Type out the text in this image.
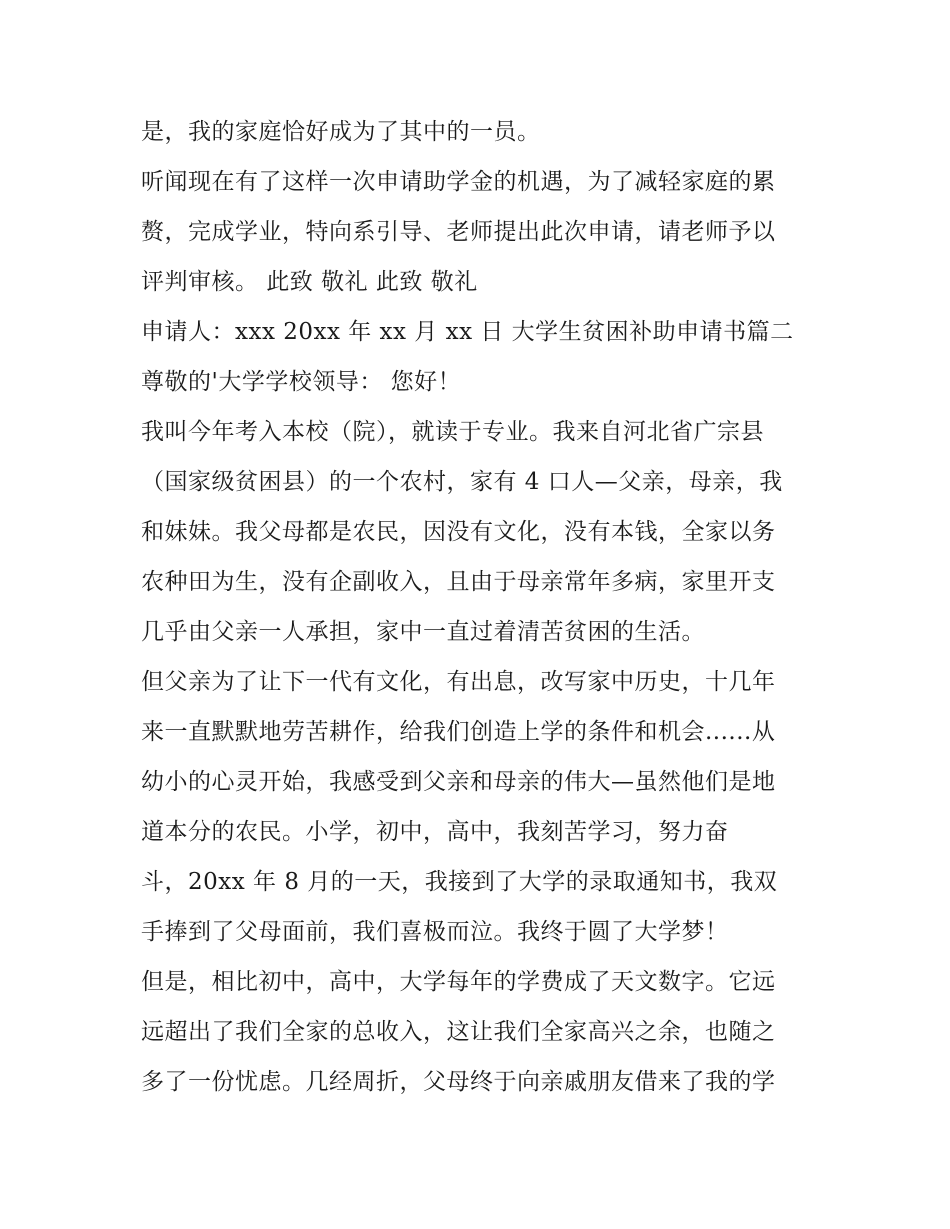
是，我的家庭恰好成为了其中的一员。
听闻现在有了这样一次申请助学金的机遇，为了减轻家庭的累
赘，完成学业，特向系引导、老师提出此次申请，请老师予以
评判审核。 此致 敬礼 此致 敬礼
申请人：xxx 20xx 年 xx 月 xx 日 大学生贫困补助申请书篇二
尊敬的'大学学校领导： 您好！
我叫今年考入本校（院），就读于专业。我来自河北省广宗县
（国家级贫困县）的一个农村，家有 4 口人—父亲，母亲，我
和妹妹。我父母都是农民，因没有文化，没有本钱，全家以务
农种田为生，没有企副收入，且由于母亲常年多病，家里开支
几乎由父亲一人承担，家中一直过着清苦贫困的生活。
但父亲为了让下一代有文化，有出息，改写家中历史，十几年
来一直默默地劳苦耕作，给我们创造上学的条件和机会......从
幼小的心灵开始，我感受到父亲和母亲的伟大—虽然他们是地
道本分的农民。小学，初中，高中，我刻苦学习，努力奋
斗，20xx 年 8 月的一天，我接到了大学的录取通知书，我双
手捧到了父母面前，我们喜极而泣。我终于圆了大学梦！
但是，相比初中，高中，大学每年的学费成了天文数字。它远
远超出了我们全家的总收入，这让我们全家高兴之余，也随之
多了一份忧虑。几经周折，父母终于向亲戚朋友借来了我的学
